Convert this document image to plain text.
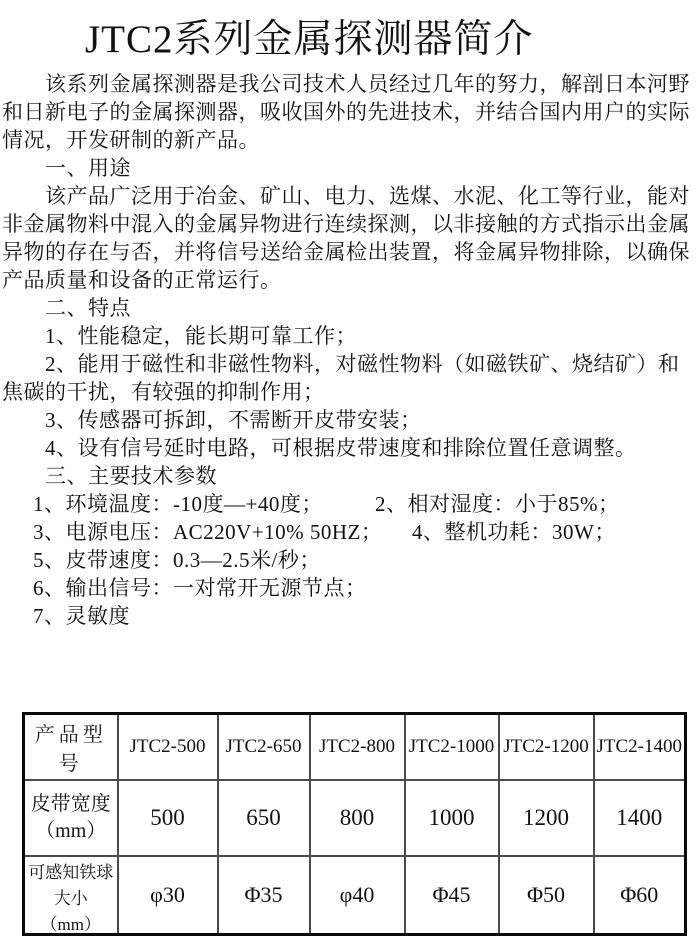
JTC2系列金属探测器简介
该系列金属探测器是我公司技术人员经过几年的努力，解剖日本河野
和日新电子的金属探测器，吸收国外的先进技术，并结合国内用户的实际
情况，开发研制的新产品。
一、用途
该产品广泛用于冶金、矿山、电力、选煤、水泥、化工等行业，能对
非金属物料中混入的金属异物进行连续探测，以非接触的方式指示出金属
异物的存在与否，并将信号送给金属检出装置，将金属异物排除，以确保
产品质量和设备的正常运行。
二、特点
1、性能稳定，能长期可靠工作；
2、能用于磁性和非磁性物料，对磁性物料（如磁铁矿、烧结矿）和
焦碳的干扰，有较强的抑制作用；
3、传感器可拆卸，不需断开皮带安装；
4、设有信号延时电路，可根据皮带速度和排除位置任意调整。
三、主要技术参数
1、环境温度：-10度—+40度；	2、相对湿度：小于85%；
3、电源电压：AC220V+10% 50HZ；	4、整机功耗：30W；
5、皮带速度：0.3—2.5米/秒；
6、输出信号：一对常开无源节点；
7、灵敏度
产品型号	JTC2-500	JTC2-650	JTC2-800	JTC2-1000	JTC2-1200	JTC2-1400

皮带宽度
（mm）	500	650	800	1000	1200	1400

可感知铁球
大小
（mm）	φ30	Φ35	φ40	Φ45	Φ50	Φ60
